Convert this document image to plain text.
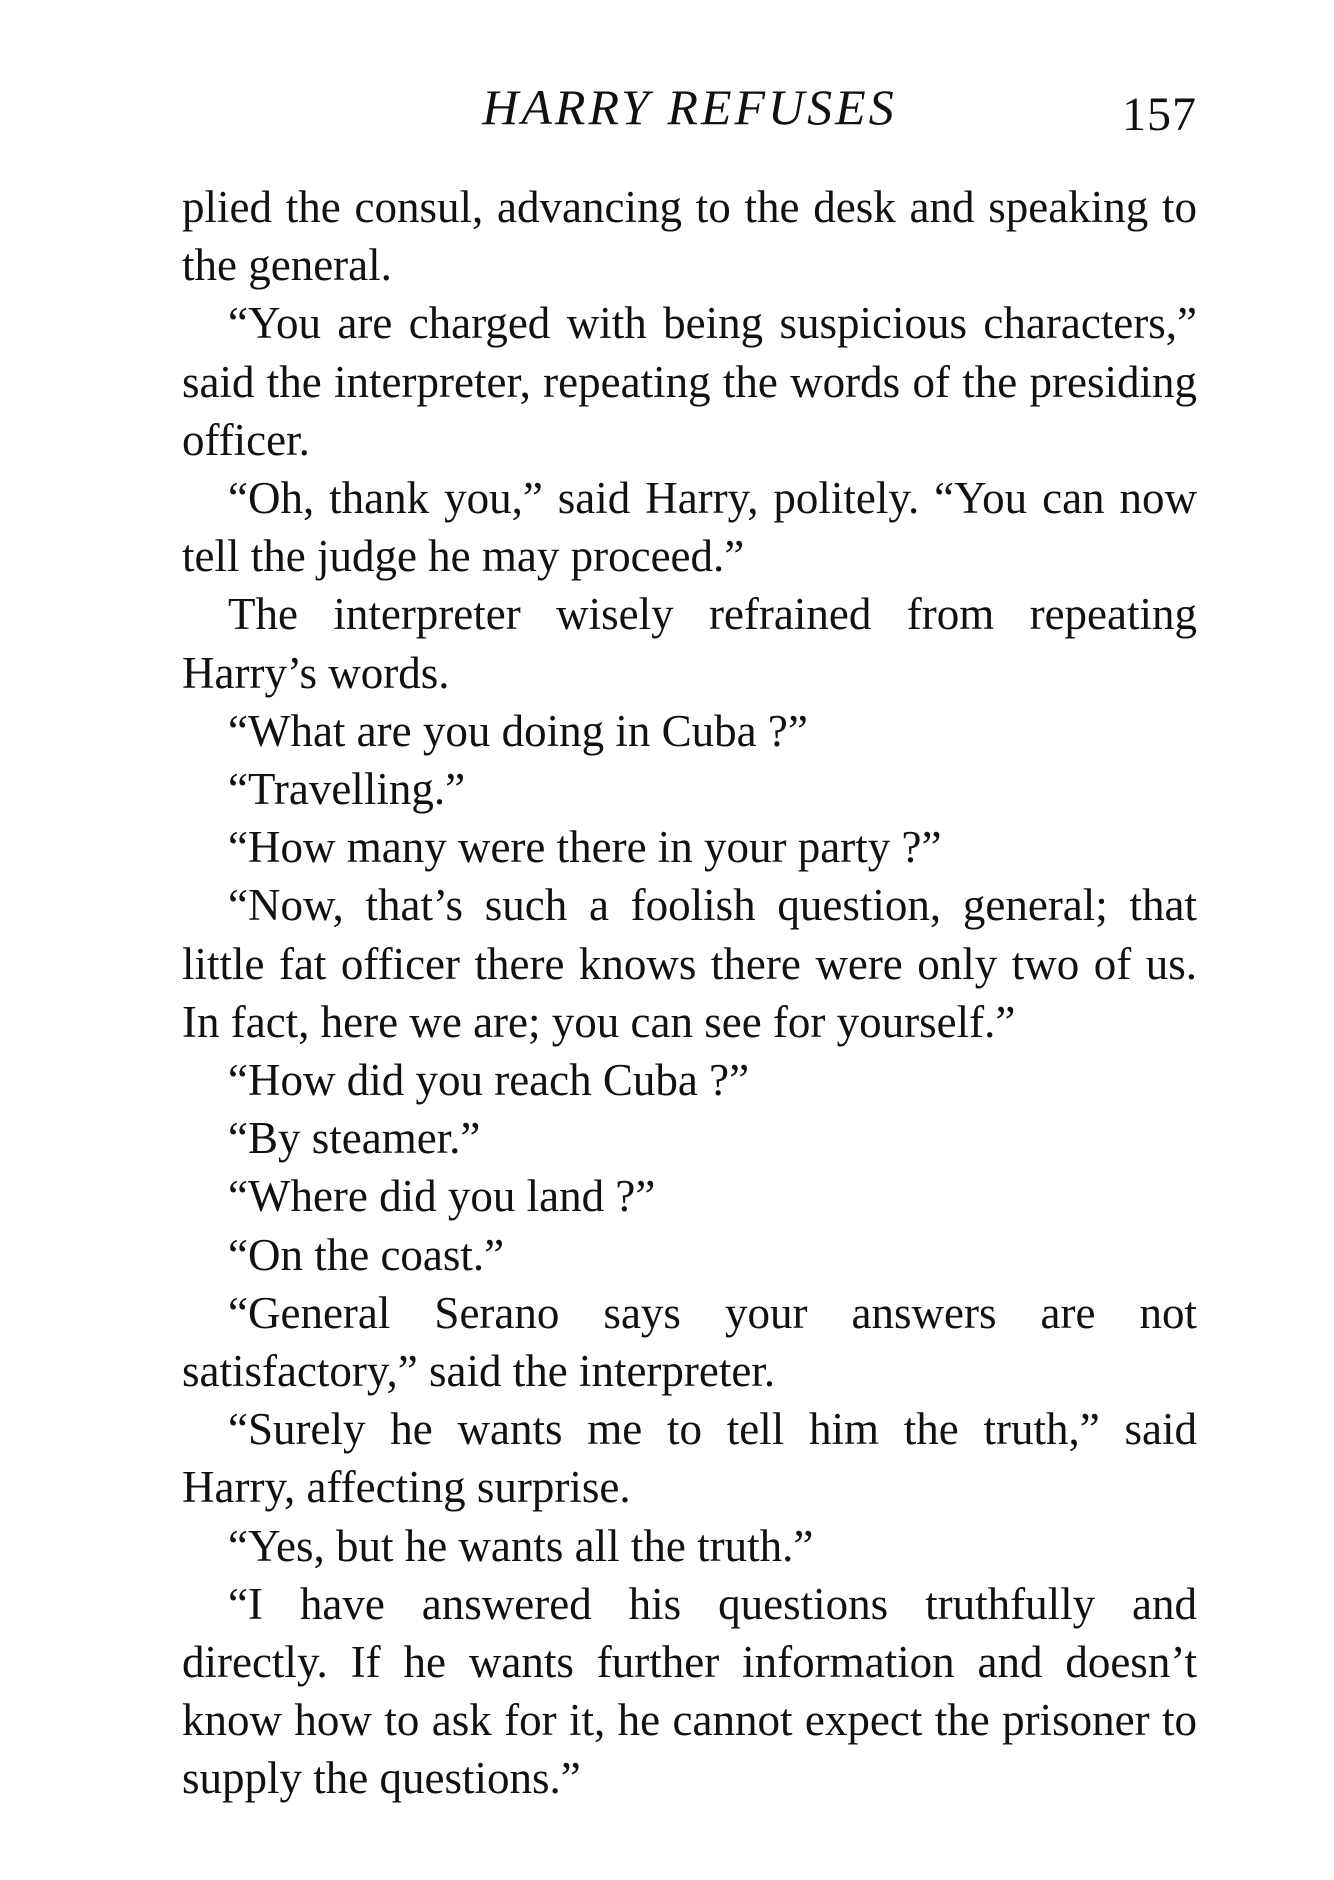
HARRY REFUSES	157

plied the consul, advancing to the desk and speaking to the general.

“You are charged with being suspicious characters,” said the interpreter, repeating the words of the presiding officer.

“Oh, thank you,” said Harry, politely. “You can now tell the judge he may proceed.”

The interpreter wisely refrained from repeating Harry’s words.

“What are you doing in Cuba ?”

“Travelling.”

“How many were there in your party ?”

“Now, that’s such a foolish question, general; that little fat officer there knows there were only two of us. In fact, here we are; you can see for yourself.”

“How did you reach Cuba ?”

“By steamer.”

“Where did you land ?”

“On the coast.”

“General Serano says your answers are not satisfactory,” said the interpreter.

“Surely he wants me to tell him the truth,” said Harry, affecting surprise.

“Yes, but he wants all the truth.”

“I have answered his questions truthfully and directly. If he wants further information and doesn’t know how to ask for it, he cannot expect the prisoner to supply the questions.”
